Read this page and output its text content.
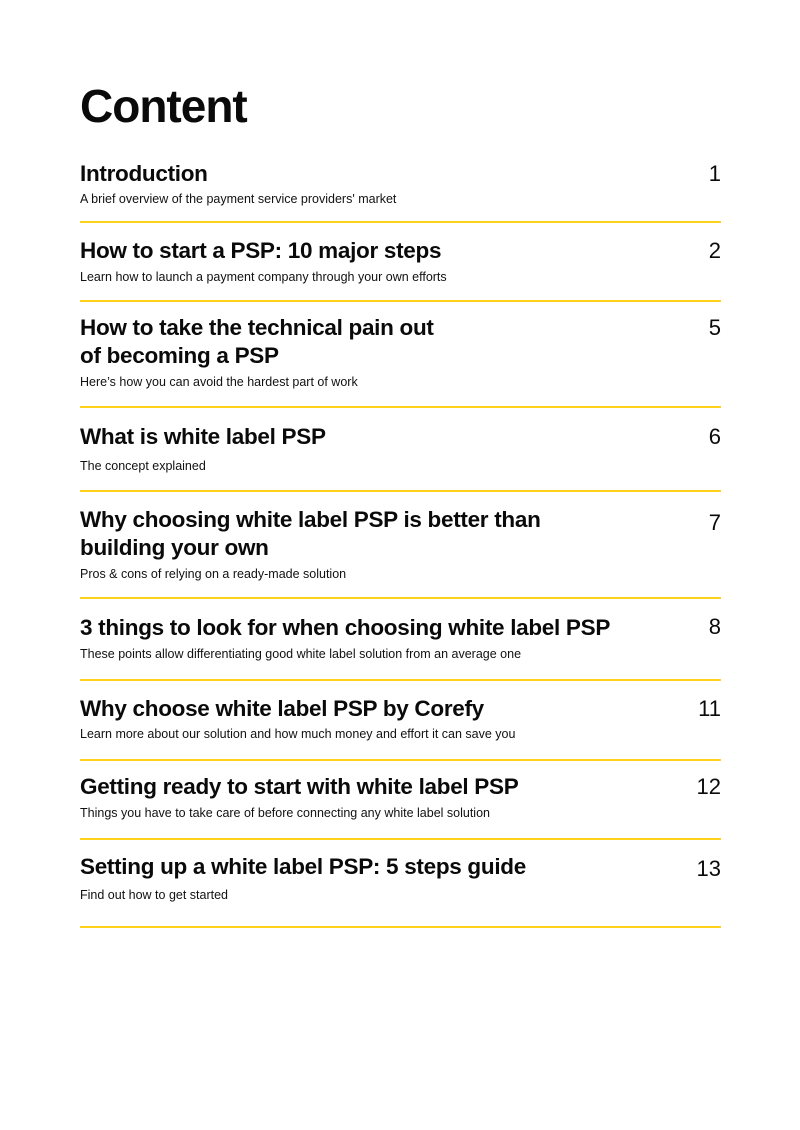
Content
Introduction	1

A brief overview of the payment service providers' market

How to start a PSP: 10 major steps	2

Learn how to launch a payment company through your own efforts

How to take the technical pain out
of becoming a PSP
5

Here’s how you can avoid the hardest part of work

What is white label PSP	6

The concept explained

Why choosing white label PSP is better than
building your own
7

Pros & cons of relying on a ready-made solution

3 things to look for when choosing white label PSP	8

These points allow differentiating good white label solution from an average one

Why choose white label PSP by Corefy	11

Learn more about our solution and how much money and effort it can save you

Getting ready to start with white label PSP	12

Things you have to take care of before connecting any white label solution

Setting up a white label PSP: 5 steps guide	13

Find out how to get started
